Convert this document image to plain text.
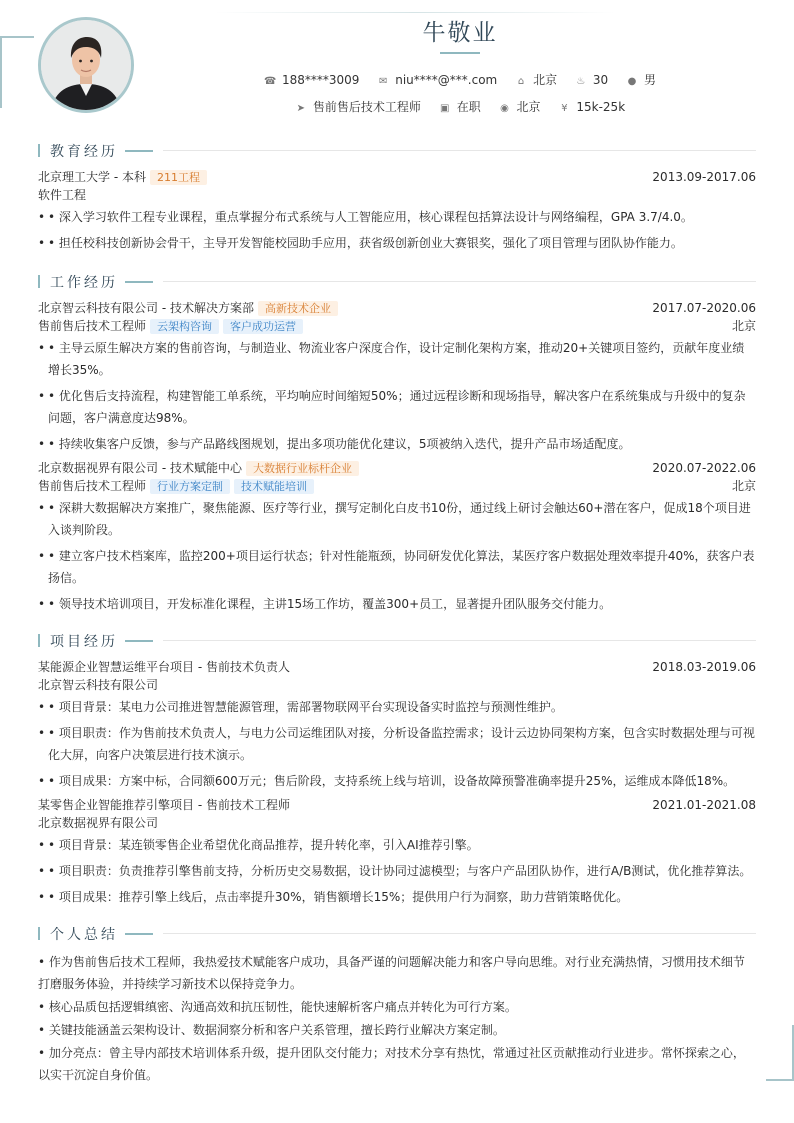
牛敬业
☎ 188****3009 ✉ niu****@***.com ⌂ 北京 ♨ 30 ● 男
➤ 售前售后技术工程师 ▣ 在职 ◉ 北京 ¥ 15k-25k
教育经历
北京理工大学 - 本科 211工程	2013.09-2017.06
软件工程
• • 深入学习软件工程专业课程，重点掌握分布式系统与人工智能应用，核心课程包括算法设计与网络编程，GPA 3.7/4.0。
• • 担任校科技创新协会骨干，主导开发智能校园助手应用，获省级创新创业大赛银奖，强化了项目管理与团队协作能力。
工作经历
北京智云科技有限公司 - 技术解决方案部 高新技术企业	2017.07-2020.06
售前售后技术工程师 云架构咨询 客户成功运营	北京
• • 主导云原生解决方案的售前咨询，与制造业、物流业客户深度合作，设计定制化架构方案，推动20+关键项目签约，贡献年度业绩增长35%。
• • 优化售后支持流程，构建智能工单系统，平均响应时间缩短50%；通过远程诊断和现场指导，解决客户在系统集成与升级中的复杂问题，客户满意度达98%。
• • 持续收集客户反馈，参与产品路线图规划，提出多项功能优化建议，5项被纳入迭代，提升产品市场适配度。
北京数据视界有限公司 - 技术赋能中心 大数据行业标杆企业	2020.07-2022.06
售前售后技术工程师 行业方案定制 技术赋能培训	北京
• • 深耕大数据解决方案推广，聚焦能源、医疗等行业，撰写定制化白皮书10份，通过线上研讨会触达60+潜在客户，促成18个项目进入谈判阶段。
• • 建立客户技术档案库，监控200+项目运行状态；针对性能瓶颈，协同研发优化算法，某医疗客户数据处理效率提升40%，获客户表扬信。
• • 领导技术培训项目，开发标准化课程，主讲15场工作坊，覆盖300+员工，显著提升团队服务交付能力。
项目经历
某能源企业智慧运维平台项目 - 售前技术负责人	2018.03-2019.06
北京智云科技有限公司
• • 项目背景：某电力公司推进智慧能源管理，需部署物联网平台实现设备实时监控与预测性维护。
• • 项目职责：作为售前技术负责人，与电力公司运维团队对接，分析设备监控需求；设计云边协同架构方案，包含实时数据处理与可视化大屏，向客户决策层进行技术演示。
• • 项目成果：方案中标，合同额600万元；售后阶段，支持系统上线与培训，设备故障预警准确率提升25%，运维成本降低18%。
某零售企业智能推荐引擎项目 - 售前技术工程师	2021.01-2021.08
北京数据视界有限公司
• • 项目背景：某连锁零售企业希望优化商品推荐，提升转化率，引入AI推荐引擎。
• • 项目职责：负责推荐引擎售前支持，分析历史交易数据，设计协同过滤模型；与客户产品团队协作，进行A/B测试，优化推荐算法。
• • 项目成果：推荐引擎上线后，点击率提升30%，销售额增长15%；提供用户行为洞察，助力营销策略优化。
个人总结
• 作为售前售后技术工程师，我热爱技术赋能客户成功，具备严谨的问题解决能力和客户导向思维。对行业充满热情，习惯用技术细节打磨服务体验，并持续学习新技术以保持竞争力。
• 核心品质包括逻辑缜密、沟通高效和抗压韧性，能快速解析客户痛点并转化为可行方案。
• 关键技能涵盖云架构设计、数据洞察分析和客户关系管理，擅长跨行业解决方案定制。
• 加分亮点：曾主导内部技术培训体系升级，提升团队交付能力；对技术分享有热忱，常通过社区贡献推动行业进步。常怀探索之心，以实干沉淀自身价值。
